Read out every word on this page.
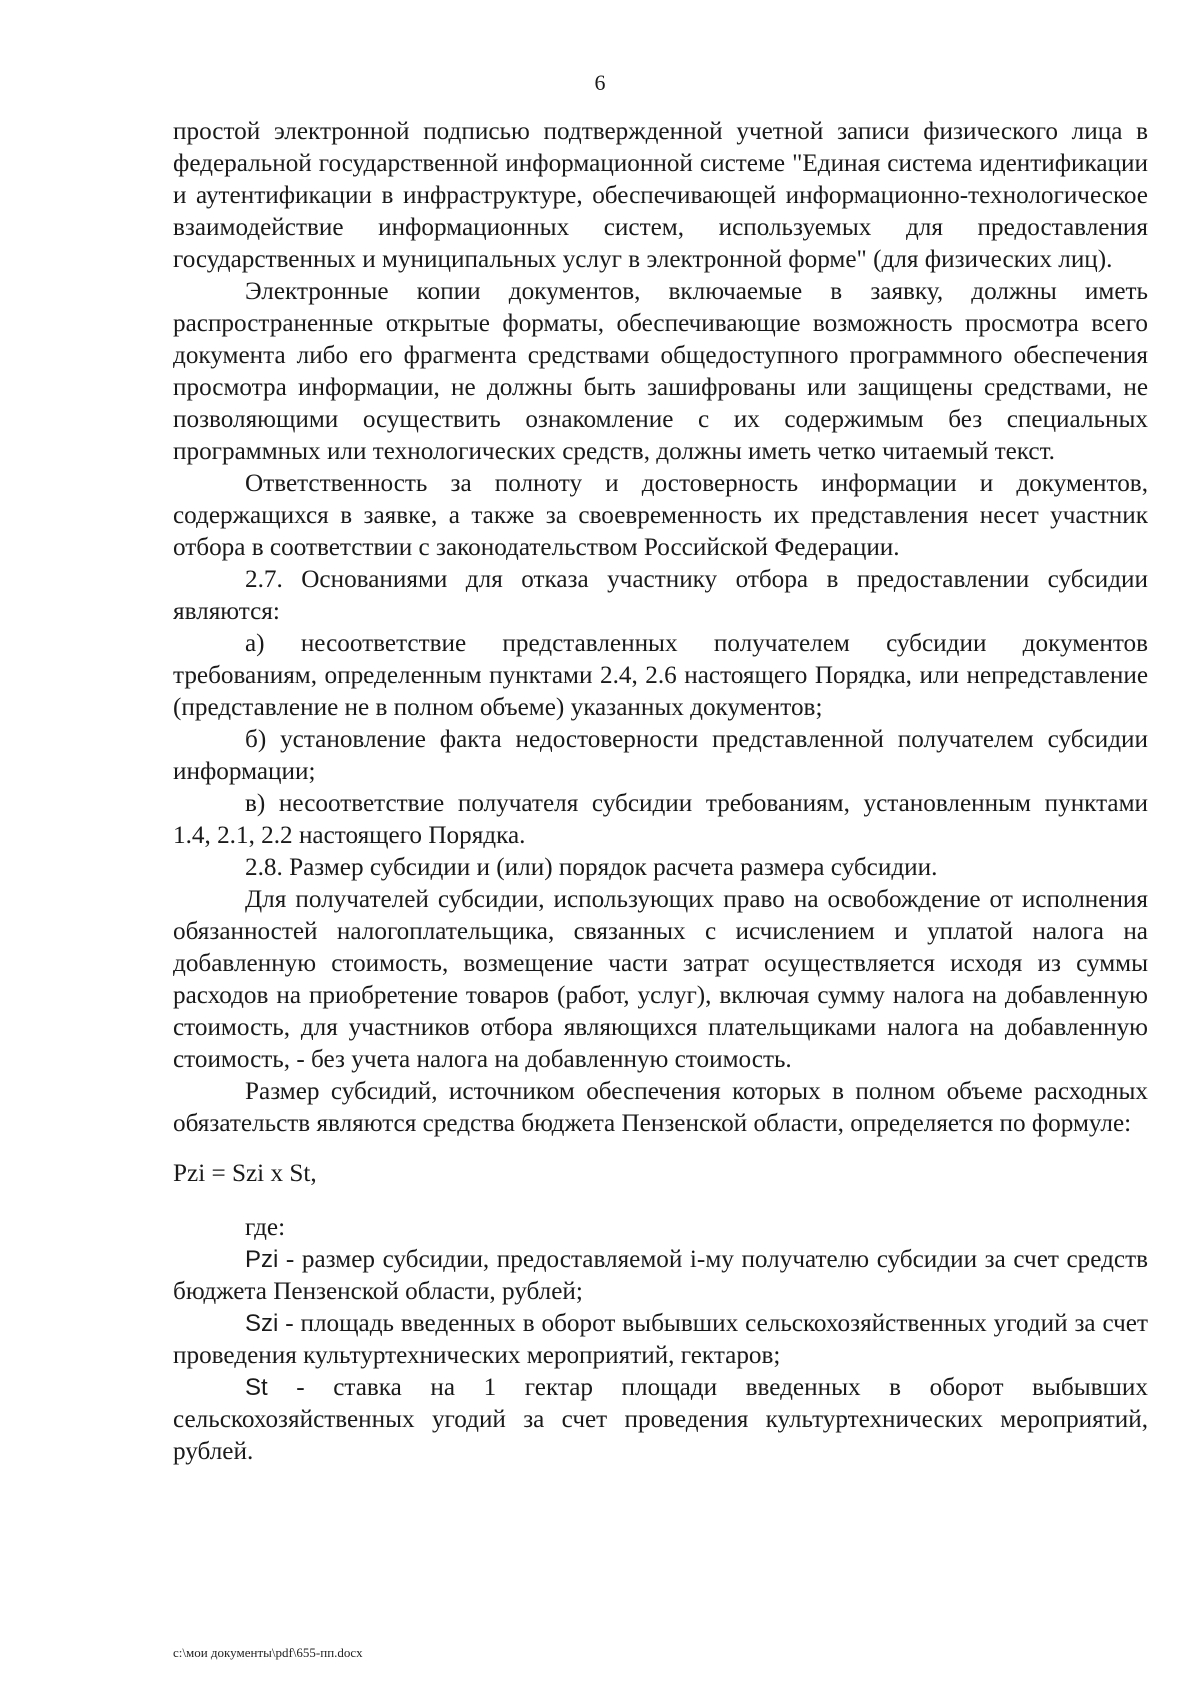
6

простой электронной подписью подтвержденной учетной записи физического лица в федеральной государственной информационной системе "Единая система идентификации и аутентификации в инфраструктуре, обеспечивающей информационно-технологическое взаимодействие информационных систем, используемых для предоставления государственных и муниципальных услуг в электронной форме" (для физических лиц).

Электронные копии документов, включаемые в заявку, должны иметь распространенные открытые форматы, обеспечивающие возможность просмотра всего документа либо его фрагмента средствами общедоступного программного обеспечения просмотра информации, не должны быть зашифрованы или защищены средствами, не позволяющими осуществить ознакомление с их содержимым без специальных программных или технологических средств, должны иметь четко читаемый текст.

Ответственность за полноту и достоверность информации и документов, содержащихся в заявке, а также за своевременность их представления несет участник отбора в соответствии с законодательством Российской Федерации.

2.7. Основаниями для отказа участнику отбора в предоставлении субсидии являются:

а) несоответствие представленных получателем субсидии документов требованиям, определенным пунктами 2.4, 2.6 настоящего Порядка, или непредставление (представление не в полном объеме) указанных документов;

б) установление факта недостоверности представленной получателем субсидии информации;

в) несоответствие получателя субсидии требованиям, установленным пунктами 1.4, 2.1, 2.2 настоящего Порядка.

2.8. Размер субсидии и (или) порядок расчета размера субсидии.

Для получателей субсидии, использующих право на освобождение от исполнения обязанностей налогоплательщика, связанных с исчислением и уплатой налога на добавленную стоимость, возмещение части затрат осуществляется исходя из суммы расходов на приобретение товаров (работ, услуг), включая сумму налога на добавленную стоимость, для участников отбора являющихся плательщиками налога на добавленную стоимость, - без учета налога на добавленную стоимость.

Размер субсидий, источником обеспечения которых в полном объеме расходных обязательств являются средства бюджета Пензенской области, определяется по формуле:

Pzi = Szi x St,

где:

Pzi - размер субсидии, предоставляемой i-му получателю субсидии за счет средств бюджета Пензенской области, рублей;

Szi - площадь введенных в оборот выбывших сельскохозяйственных угодий за счет проведения культуртехнических мероприятий, гектаров;

St - ставка на 1 гектар площади введенных в оборот выбывших сельскохозяйственных угодий за счет проведения культуртехнических мероприятий, рублей.

c:\мои документы\pdf\655-пп.docx
